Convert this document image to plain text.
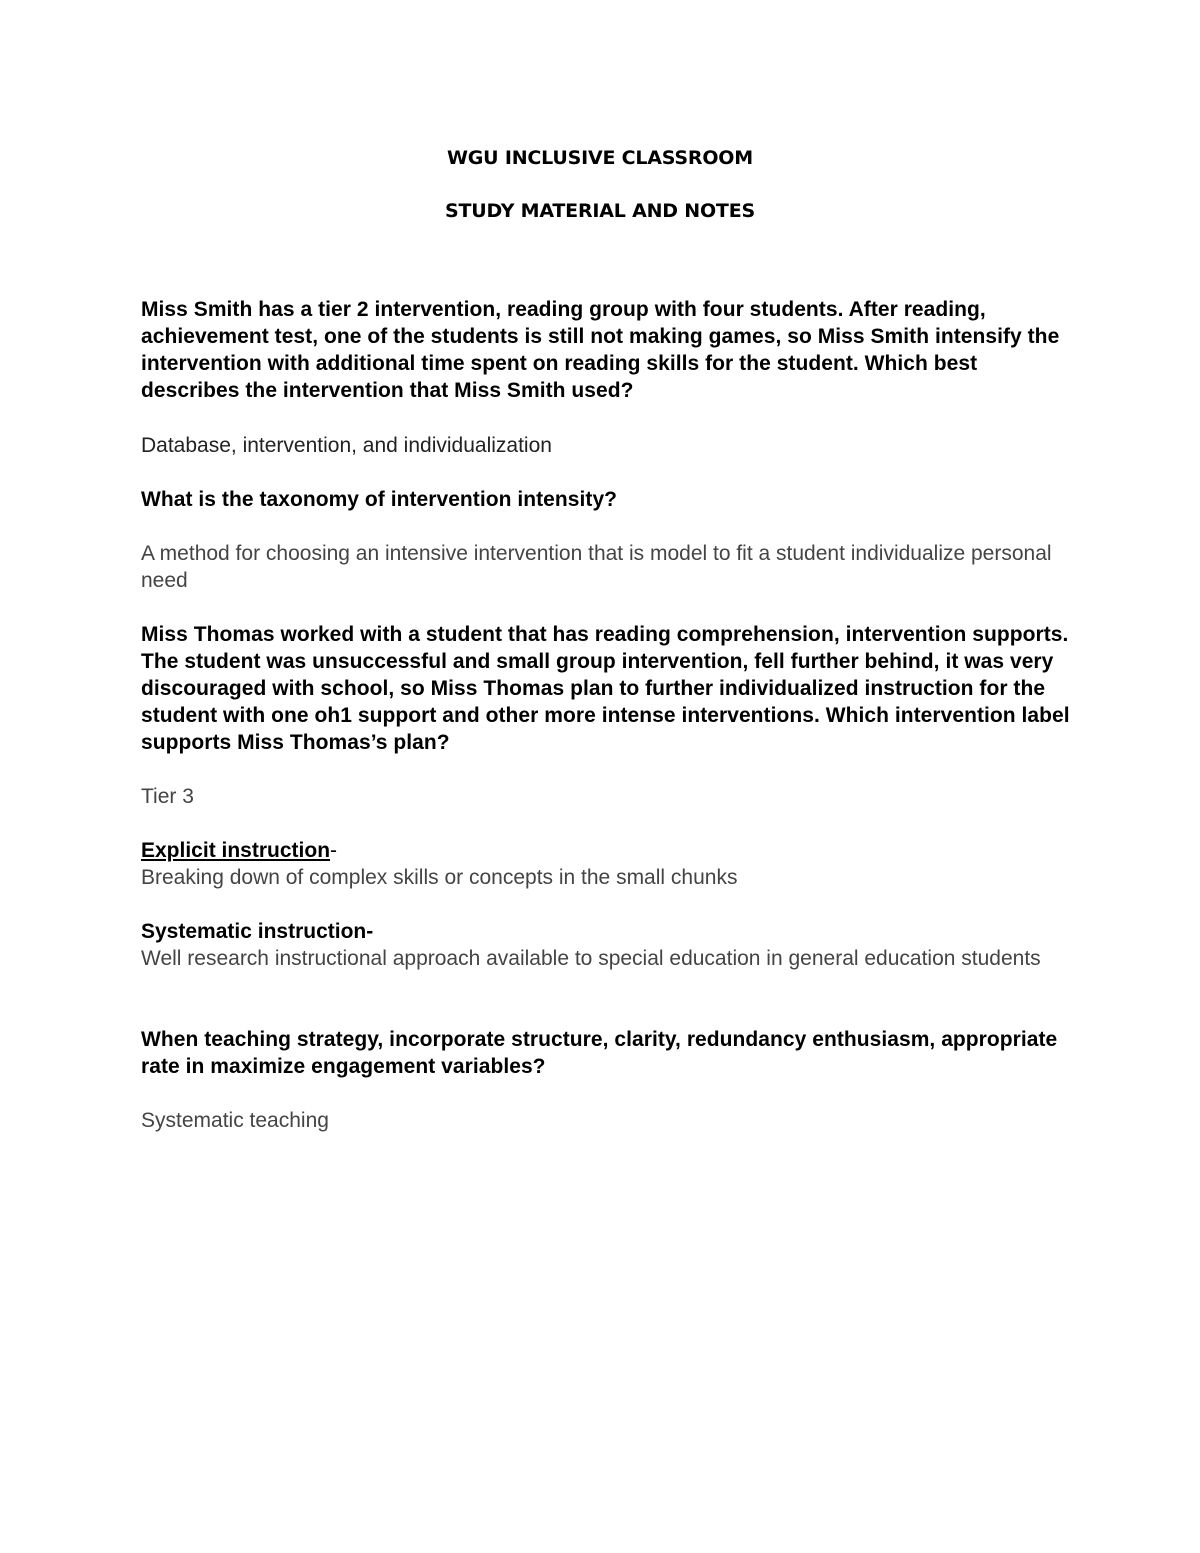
WGU INCLUSIVE CLASSROOM
STUDY MATERIAL AND NOTES

Miss Smith has a tier 2 intervention, reading group with four students. After reading, achievement test, one of the students is still not making games, so Miss Smith intensify the intervention with additional time spent on reading skills for the student. Which best describes the intervention that Miss Smith used?

Database, intervention, and individualization

What is the taxonomy of intervention intensity?

A method for choosing an intensive intervention that is model to fit a student individualize personal need

Miss Thomas worked with a student that has reading comprehension, intervention supports. The student was unsuccessful and small group intervention, fell further behind, it was very discouraged with school, so Miss Thomas plan to further individualized instruction for the student with one oh1 support and other more intense interventions. Which intervention label supports Miss Thomas’s plan?

Tier 3

Explicit instruction-

Breaking down of complex skills or concepts in the small chunks

Systematic instruction-

Well research instructional approach available to special education in general education students

When teaching strategy, incorporate structure, clarity, redundancy enthusiasm, appropriate rate in maximize engagement variables?

Systematic teaching
